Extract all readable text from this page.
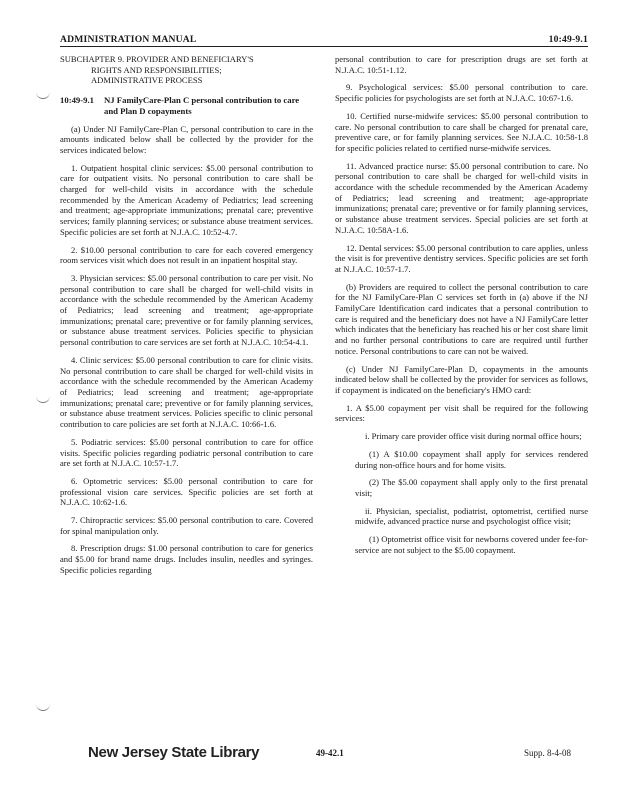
ADMINISTRATION MANUAL	10:49-9.1
SUBCHAPTER 9. PROVIDER AND BENEFICIARY'S
RIGHTS AND RESPONSIBILITIES;
ADMINISTRATIVE PROCESS
10:49-9.1	NJ FamilyCare-Plan C personal contribution to care and Plan D copayments

(a) Under NJ FamilyCare-Plan C, personal contribution to care in the amounts indicated below shall be collected by the provider for the services indicated below:

1. Outpatient hospital clinic services: $5.00 personal contribution to care for outpatient visits. No personal contribution to care shall be charged for well-child visits in accordance with the schedule recommended by the American Academy of Pediatrics; lead screening and treatment; age-appropriate immunizations; prenatal care; preventive services; family planning services; or substance abuse treatment services. Specific policies are set forth at N.J.A.C. 10:52-4.7.

2. $10.00 personal contribution to care for each covered emergency room services visit which does not result in an inpatient hospital stay.

3. Physician services: $5.00 personal contribution to care per visit. No personal contribution to care shall be charged for well-child visits in accordance with the schedule recommended by the American Academy of Pediatrics; lead screening and treatment; age-appropriate immunizations; prenatal care; preventive or for family planning services, or substance abuse treatment services. Policies specific to physician personal contribution to care services are set forth at N.J.A.C. 10:54-4.1.

4. Clinic services: $5.00 personal contribution to care for clinic visits. No personal contribution to care shall be charged for well-child visits in accordance with the schedule recommended by the American Academy of Pediatrics; lead screening and treatment; age-appropriate immunizations; prenatal care; preventive or for family planning services, or substance abuse treatment services. Policies specific to clinic personal contribution to care policies are set forth at N.J.A.C. 10:66-1.6.

5. Podiatric services: $5.00 personal contribution to care for office visits. Specific policies regarding podiatric personal contribution to care are set forth at N.J.A.C. 10:57-1.7.

6. Optometric services: $5.00 personal contribution to care for professional vision care services. Specific policies are set forth at N.J.A.C. 10:62-1.6.

7. Chiropractic services: $5.00 personal contribution to care. Covered for spinal manipulation only.

8. Prescription drugs: $1.00 personal contribution to care for generics and $5.00 for brand name drugs. Includes insulin, needles and syringes. Specific policies regarding

personal contribution to care for prescription drugs are set forth at N.J.A.C. 10:51-1.12.

9. Psychological services: $5.00 personal contribution to care. Specific policies for psychologists are set forth at N.J.A.C. 10:67-1.6.

10. Certified nurse-midwife services: $5.00 personal contribution to care. No personal contribution to care shall be charged for prenatal care, preventive care, or for family planning services. See N.J.A.C. 10:58-1.8 for specific policies related to certified nurse-midwife services.

11. Advanced practice nurse: $5.00 personal contribution to care. No personal contribution to care shall be charged for well-child visits in accordance with the schedule recommended by the American Academy of Pediatrics; lead screening and treatment; age-appropriate immunizations; prenatal care; preventive or for family planning services, or substance abuse treatment services. Special policies are set forth at N.J.A.C. 10:58A-1.6.

12. Dental services: $5.00 personal contribution to care applies, unless the visit is for preventive dentistry services. Specific policies are set forth at N.J.A.C. 10:57-1.7.

(b) Providers are required to collect the personal contribution to care for the NJ FamilyCare-Plan C services set forth in (a) above if the NJ FamilyCare Identification card indicates that a personal contribution to care is required and the beneficiary does not have a NJ FamilyCare letter which indicates that the beneficiary has reached his or her cost share limit and no further personal contributions to care are required until further notice. Personal contributions to care can not be waived.

(c) Under NJ FamilyCare-Plan D, copayments in the amounts indicated below shall be collected by the provider for services as follows, if copayment is indicated on the beneficiary's HMO card:

1. A $5.00 copayment per visit shall be required for the following services:

i. Primary care provider office visit during normal office hours;

(1) A $10.00 copayment shall apply for services rendered during non-office hours and for home visits.

(2) The $5.00 copayment shall apply only to the first prenatal visit;

ii. Physician, specialist, podiatrist, optometrist, certified nurse midwife, advanced practice nurse and psychologist office visit;

(1) Optometrist office visit for newborns covered under fee-for-service are not subject to the $5.00 copayment.

New Jersey State Library	49-42.1	Supp. 8-4-08
